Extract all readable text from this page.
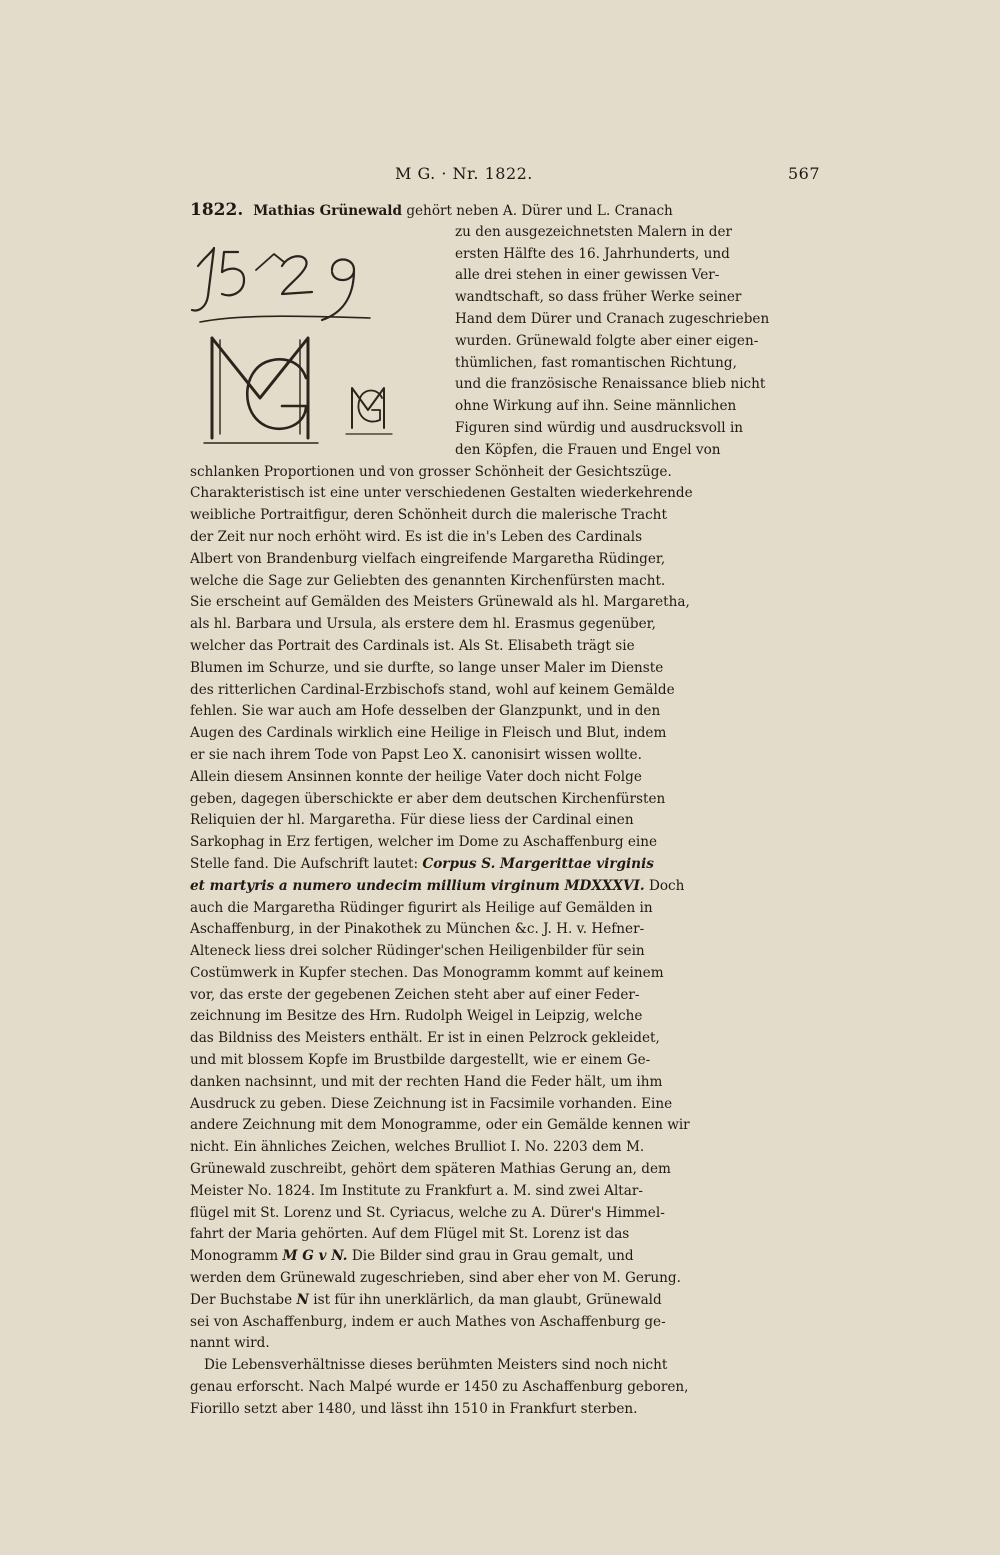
M G. · Nr. 1822.	567
1822. Mathias Grünewald gehört neben A. Dürer und L. Cranach
zu den ausgezeichnetsten Malern in der
ersten Hälfte des 16. Jahrhunderts, und
alle drei stehen in einer gewissen Ver-
wandtschaft, so dass früher Werke seiner
Hand dem Dürer und Cranach zugeschrieben
wurden. Grünewald folgte aber einer eigen-
thümlichen, fast romantischen Richtung,
und die französische Renaissance blieb nicht
ohne Wirkung auf ihn. Seine männlichen
Figuren sind würdig und ausdrucksvoll in
den Köpfen, die Frauen und Engel von
schlanken Proportionen und von grosser Schönheit der Gesichtszüge.
Charakteristisch ist eine unter verschiedenen Gestalten wiederkehrende
weibliche Portraitfigur, deren Schönheit durch die malerische Tracht
der Zeit nur noch erhöht wird. Es ist die in's Leben des Cardinals
Albert von Brandenburg vielfach eingreifende Margaretha Rüdinger,
welche die Sage zur Geliebten des genannten Kirchenfürsten macht.
Sie erscheint auf Gemälden des Meisters Grünewald als hl. Margaretha,
als hl. Barbara und Ursula, als erstere dem hl. Erasmus gegenüber,
welcher das Portrait des Cardinals ist. Als St. Elisabeth trägt sie
Blumen im Schurze, und sie durfte, so lange unser Maler im Dienste
des ritterlichen Cardinal-Erzbischofs stand, wohl auf keinem Gemälde
fehlen. Sie war auch am Hofe desselben der Glanzpunkt, und in den
Augen des Cardinals wirklich eine Heilige in Fleisch und Blut, indem
er sie nach ihrem Tode von Papst Leo X. canonisirt wissen wollte.
Allein diesem Ansinnen konnte der heilige Vater doch nicht Folge
geben, dagegen überschickte er aber dem deutschen Kirchenfürsten
Reliquien der hl. Margaretha. Für diese liess der Cardinal einen
Sarkophag in Erz fertigen, welcher im Dome zu Aschaffenburg eine
Stelle fand. Die Aufschrift lautet: Corpus S. Margerittae virginis
et martyris a numero undecim millium virginum MDXXXVI. Doch
auch die Margaretha Rüdinger figurirt als Heilige auf Gemälden in
Aschaffenburg, in der Pinakothek zu München &c. J. H. v. Hefner-
Alteneck liess drei solcher Rüdinger'schen Heiligenbilder für sein
Costümwerk in Kupfer stechen. Das Monogramm kommt auf keinem
vor, das erste der gegebenen Zeichen steht aber auf einer Feder-
zeichnung im Besitze des Hrn. Rudolph Weigel in Leipzig, welche
das Bildniss des Meisters enthält. Er ist in einen Pelzrock gekleidet,
und mit blossem Kopfe im Brustbilde dargestellt, wie er einem Ge-
danken nachsinnt, und mit der rechten Hand die Feder hält, um ihm
Ausdruck zu geben. Diese Zeichnung ist in Facsimile vorhanden. Eine
andere Zeichnung mit dem Monogramme, oder ein Gemälde kennen wir
nicht. Ein ähnliches Zeichen, welches Brulliot I. No. 2203 dem M.
Grünewald zuschreibt, gehört dem späteren Mathias Gerung an, dem
Meister No. 1824. Im Institute zu Frankfurt a. M. sind zwei Altar-
flügel mit St. Lorenz und St. Cyriacus, welche zu A. Dürer's Himmel-
fahrt der Maria gehörten. Auf dem Flügel mit St. Lorenz ist das
Monogramm M G v N. Die Bilder sind grau in Grau gemalt, und
werden dem Grünewald zugeschrieben, sind aber eher von M. Gerung.
Der Buchstabe N ist für ihn unerklärlich, da man glaubt, Grünewald
sei von Aschaffenburg, indem er auch Mathes von Aschaffenburg ge-
nannt wird.
Die Lebensverhältnisse dieses berühmten Meisters sind noch nicht
genau erforscht. Nach Malpé wurde er 1450 zu Aschaffenburg geboren,
Fiorillo setzt aber 1480, und lässt ihn 1510 in Frankfurt sterben.
